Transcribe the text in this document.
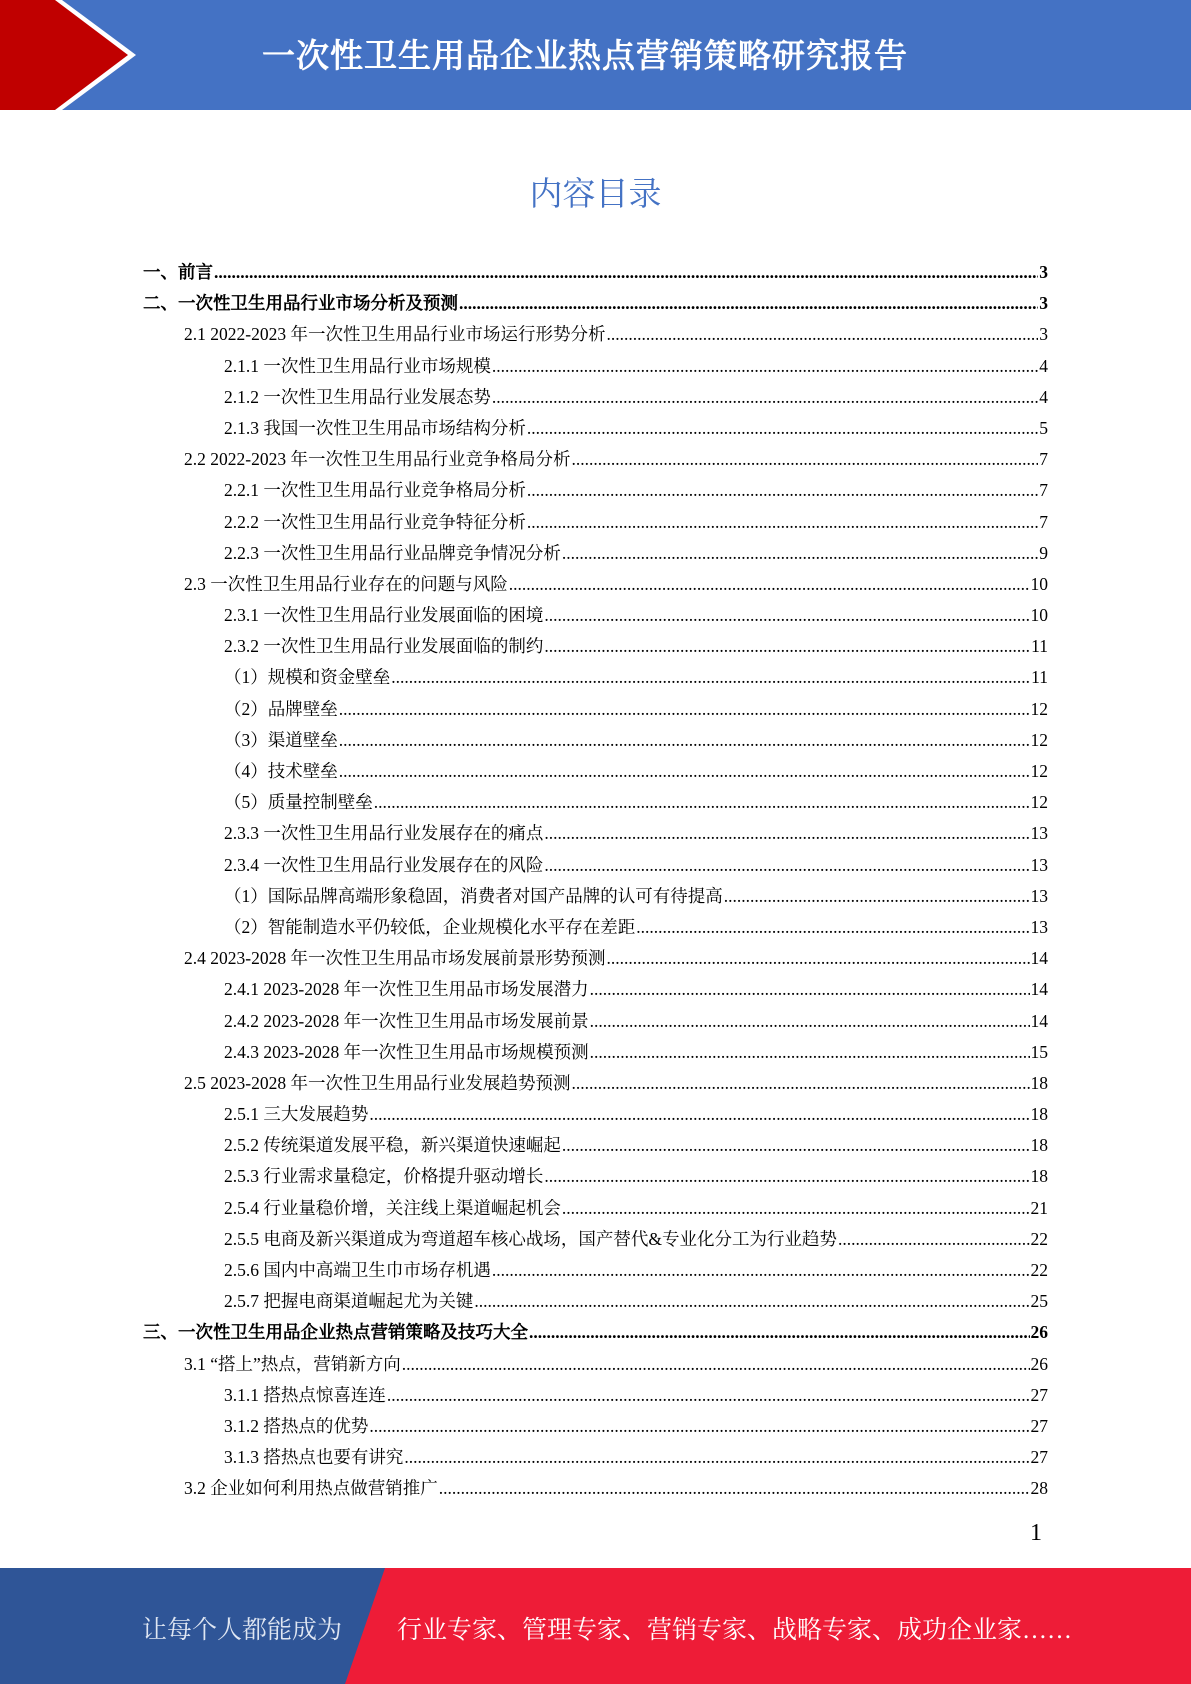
一次性卫生用品企业热点营销策略研究报告
内容目录
一、前言 .....	3
二、一次性卫生用品行业市场分析及预测 .....	3
2.1 2022-2023 年一次性卫生用品行业市场运行形势分析 .....	3
2.1.1 一次性卫生用品行业市场规模 .....	4
2.1.2 一次性卫生用品行业发展态势 .....	4
2.1.3 我国一次性卫生用品市场结构分析 .....	5
2.2 2022-2023 年一次性卫生用品行业竞争格局分析 .....	7
2.2.1 一次性卫生用品行业竞争格局分析 .....	7
2.2.2 一次性卫生用品行业竞争特征分析 .....	7
2.2.3 一次性卫生用品行业品牌竞争情况分析 .....	9
2.3 一次性卫生用品行业存在的问题与风险 .....	10
2.3.1 一次性卫生用品行业发展面临的困境 .....	10
2.3.2 一次性卫生用品行业发展面临的制约 .....	11
（1）规模和资金壁垒 .....	11
（2）品牌壁垒 .....	12
（3）渠道壁垒 .....	12
（4）技术壁垒 .....	12
（5）质量控制壁垒 .....	12
2.3.3 一次性卫生用品行业发展存在的痛点 .....	13
2.3.4 一次性卫生用品行业发展存在的风险 .....	13
（1）国际品牌高端形象稳固，消费者对国产品牌的认可有待提高 .....	13
（2）智能制造水平仍较低，企业规模化水平存在差距 .....	13
2.4 2023-2028 年一次性卫生用品市场发展前景形势预测 .....	14
2.4.1 2023-2028 年一次性卫生用品市场发展潜力 .....	14
2.4.2 2023-2028 年一次性卫生用品市场发展前景 .....	14
2.4.3 2023-2028 年一次性卫生用品市场规模预测 .....	15
2.5 2023-2028 年一次性卫生用品行业发展趋势预测 .....	18
2.5.1 三大发展趋势 .....	18
2.5.2 传统渠道发展平稳，新兴渠道快速崛起 .....	18
2.5.3 行业需求量稳定，价格提升驱动增长 .....	18
2.5.4 行业量稳价增，关注线上渠道崛起机会 .....	21
2.5.5 电商及新兴渠道成为弯道超车核心战场，国产替代&专业化分工为行业趋势 .....	22
2.5.6 国内中高端卫生巾市场存机遇 .....	22
2.5.7 把握电商渠道崛起尤为关键 .....	25
三、一次性卫生用品企业热点营销策略及技巧大全 .....	26
3.1 “搭上”热点，营销新方向 .....	26
3.1.1 搭热点惊喜连连 .....	27
3.1.2 搭热点的优势 .....	27
3.1.3 搭热点也要有讲究 .....	27
3.2 企业如何利用热点做营销推广 .....	28
1
让每个人都能成为 行业专家、管理专家、营销专家、战略专家、成功企业家……
